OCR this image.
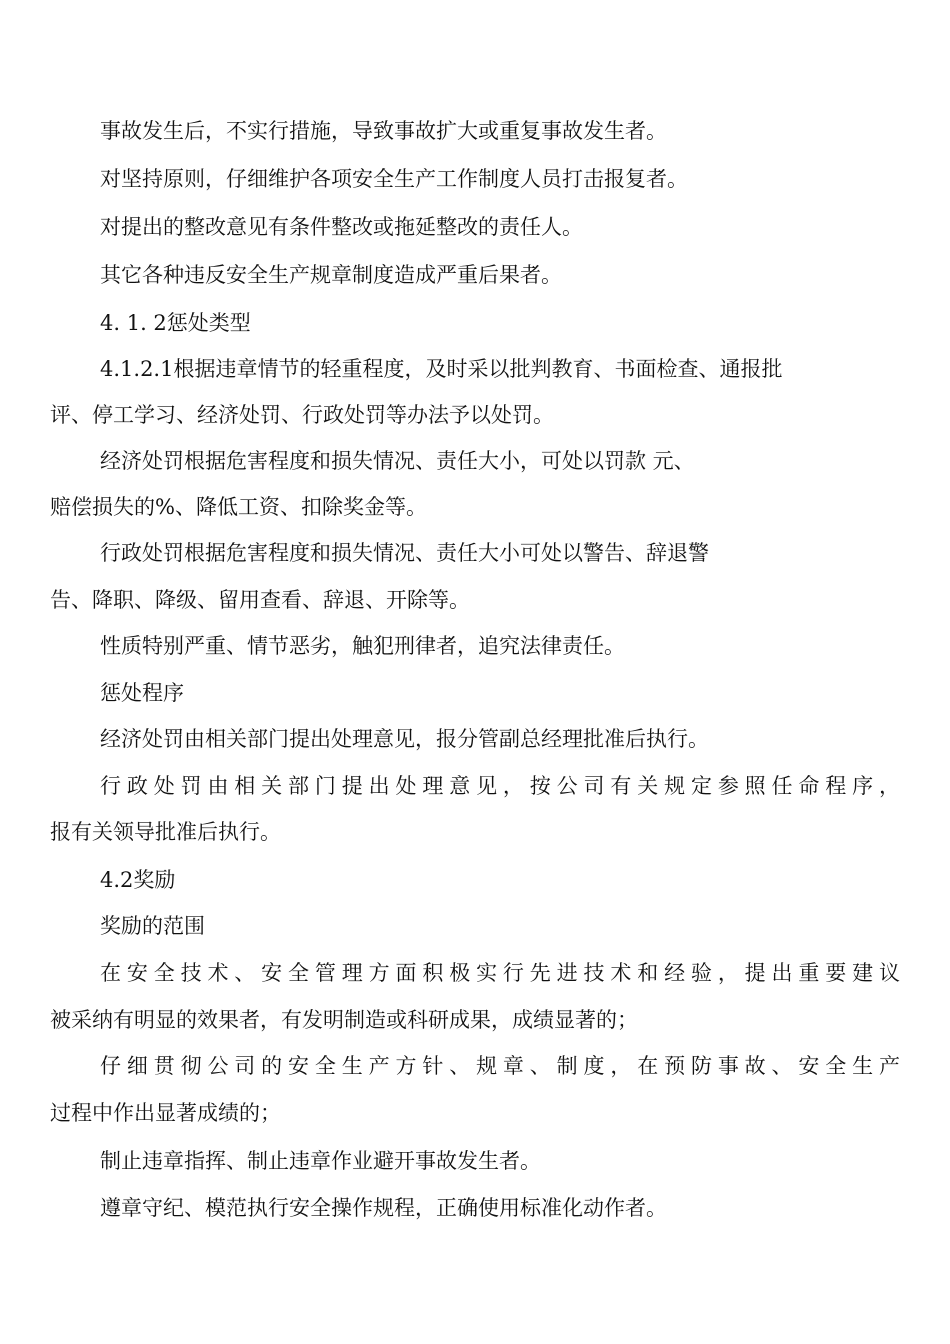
事故发生后，不实行措施，导致事故扩大或重复事故发生者。
对坚持原则，仔细维护各项安全生产工作制度人员打击报复者。
对提出的整改意见有条件整改或拖延整改的责任人。
其它各种违反安全生产规章制度造成严重后果者。
4. 1. 2惩处类型
4.1.2.1根据违章情节的轻重程度，及时采以批判教育、书面检查、通报批
评、停工学习、经济处罚、行政处罚等办法予以处罚。
经济处罚根据危害程度和损失情况、责任大小，可处以罚款 元、
赔偿损失的%、降低工资、扣除奖金等。
行政处罚根据危害程度和损失情况、责任大小可处以警告、辞退警
告、降职、降级、留用查看、辞退、开除等。
性质特别严重、情节恶劣，触犯刑律者，追究法律责任。
惩处程序
经济处罚由相关部门提出处理意见，报分管副总经理批准后执行。
行政处罚由相关部门提出处理意见，按公司有关规定参照任命程序，
报有关领导批准后执行。
4.2奖励
奖励的范围
在安全技术、安全管理方面积极实行先进技术和经验，提出重要建议
被采纳有明显的效果者，有发明制造或科研成果，成绩显著的；
仔细贯彻公司的安全生产方针、规章、制度，在预防事故、安全生产
过程中作出显著成绩的；
制止违章指挥、制止违章作业避开事故发生者。
遵章守纪、模范执行安全操作规程，正确使用标准化动作者。
